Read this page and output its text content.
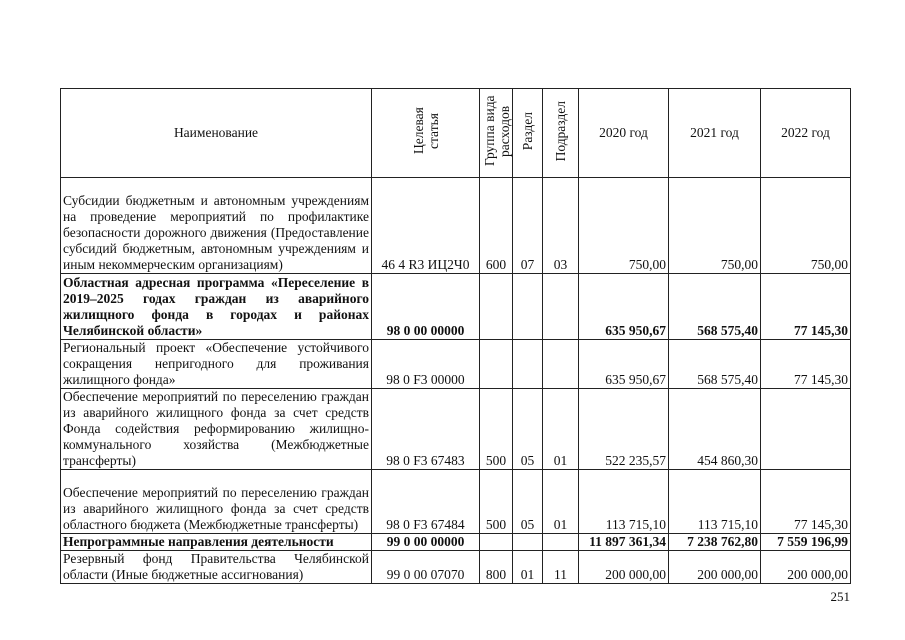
Наименование	Целевая статья	Группа вида расходов	Раздел	Подраздел	2020 год	2021 год	2022 год
Субсидии бюджетным и автономным учреждениям на проведение мероприятий по профилактике безопасности дорожного движения (Предоставление субсидий бюджетным, автономным учреждениям и иным некоммерческим организациям)	46 4 R3 ИЦ2Ч0	600	07	03	750,00	750,00	750,00
Областная адресная программа «Переселение в 2019–2025 годах граждан из аварийного жилищного фонда в городах и районах Челябинской области»	98 0 00 00000				635 950,67	568 575,40	77 145,30
Региональный проект «Обеспечение устойчивого сокращения непригодного для проживания жилищного фонда»	98 0 F3 00000				635 950,67	568 575,40	77 145,30
Обеспечение мероприятий по переселению граждан из аварийного жилищного фонда за счет средств Фонда содействия реформированию жилищно-коммунального хозяйства (Межбюджетные трансферты)	98 0 F3 67483	500	05	01	522 235,57	454 860,30	
Обеспечение мероприятий по переселению граждан из аварийного жилищного фонда за счет средств областного бюджета (Межбюджетные трансферты)	98 0 F3 67484	500	05	01	113 715,10	113 715,10	77 145,30
Непрограммные направления деятельности	99 0 00 00000				11 897 361,34	7 238 762,80	7 559 196,99
Резервный фонд Правительства Челябинской области (Иные бюджетные ассигнования)	99 0 00 07070	800	01	11	200 000,00	200 000,00	200 000,00
251
